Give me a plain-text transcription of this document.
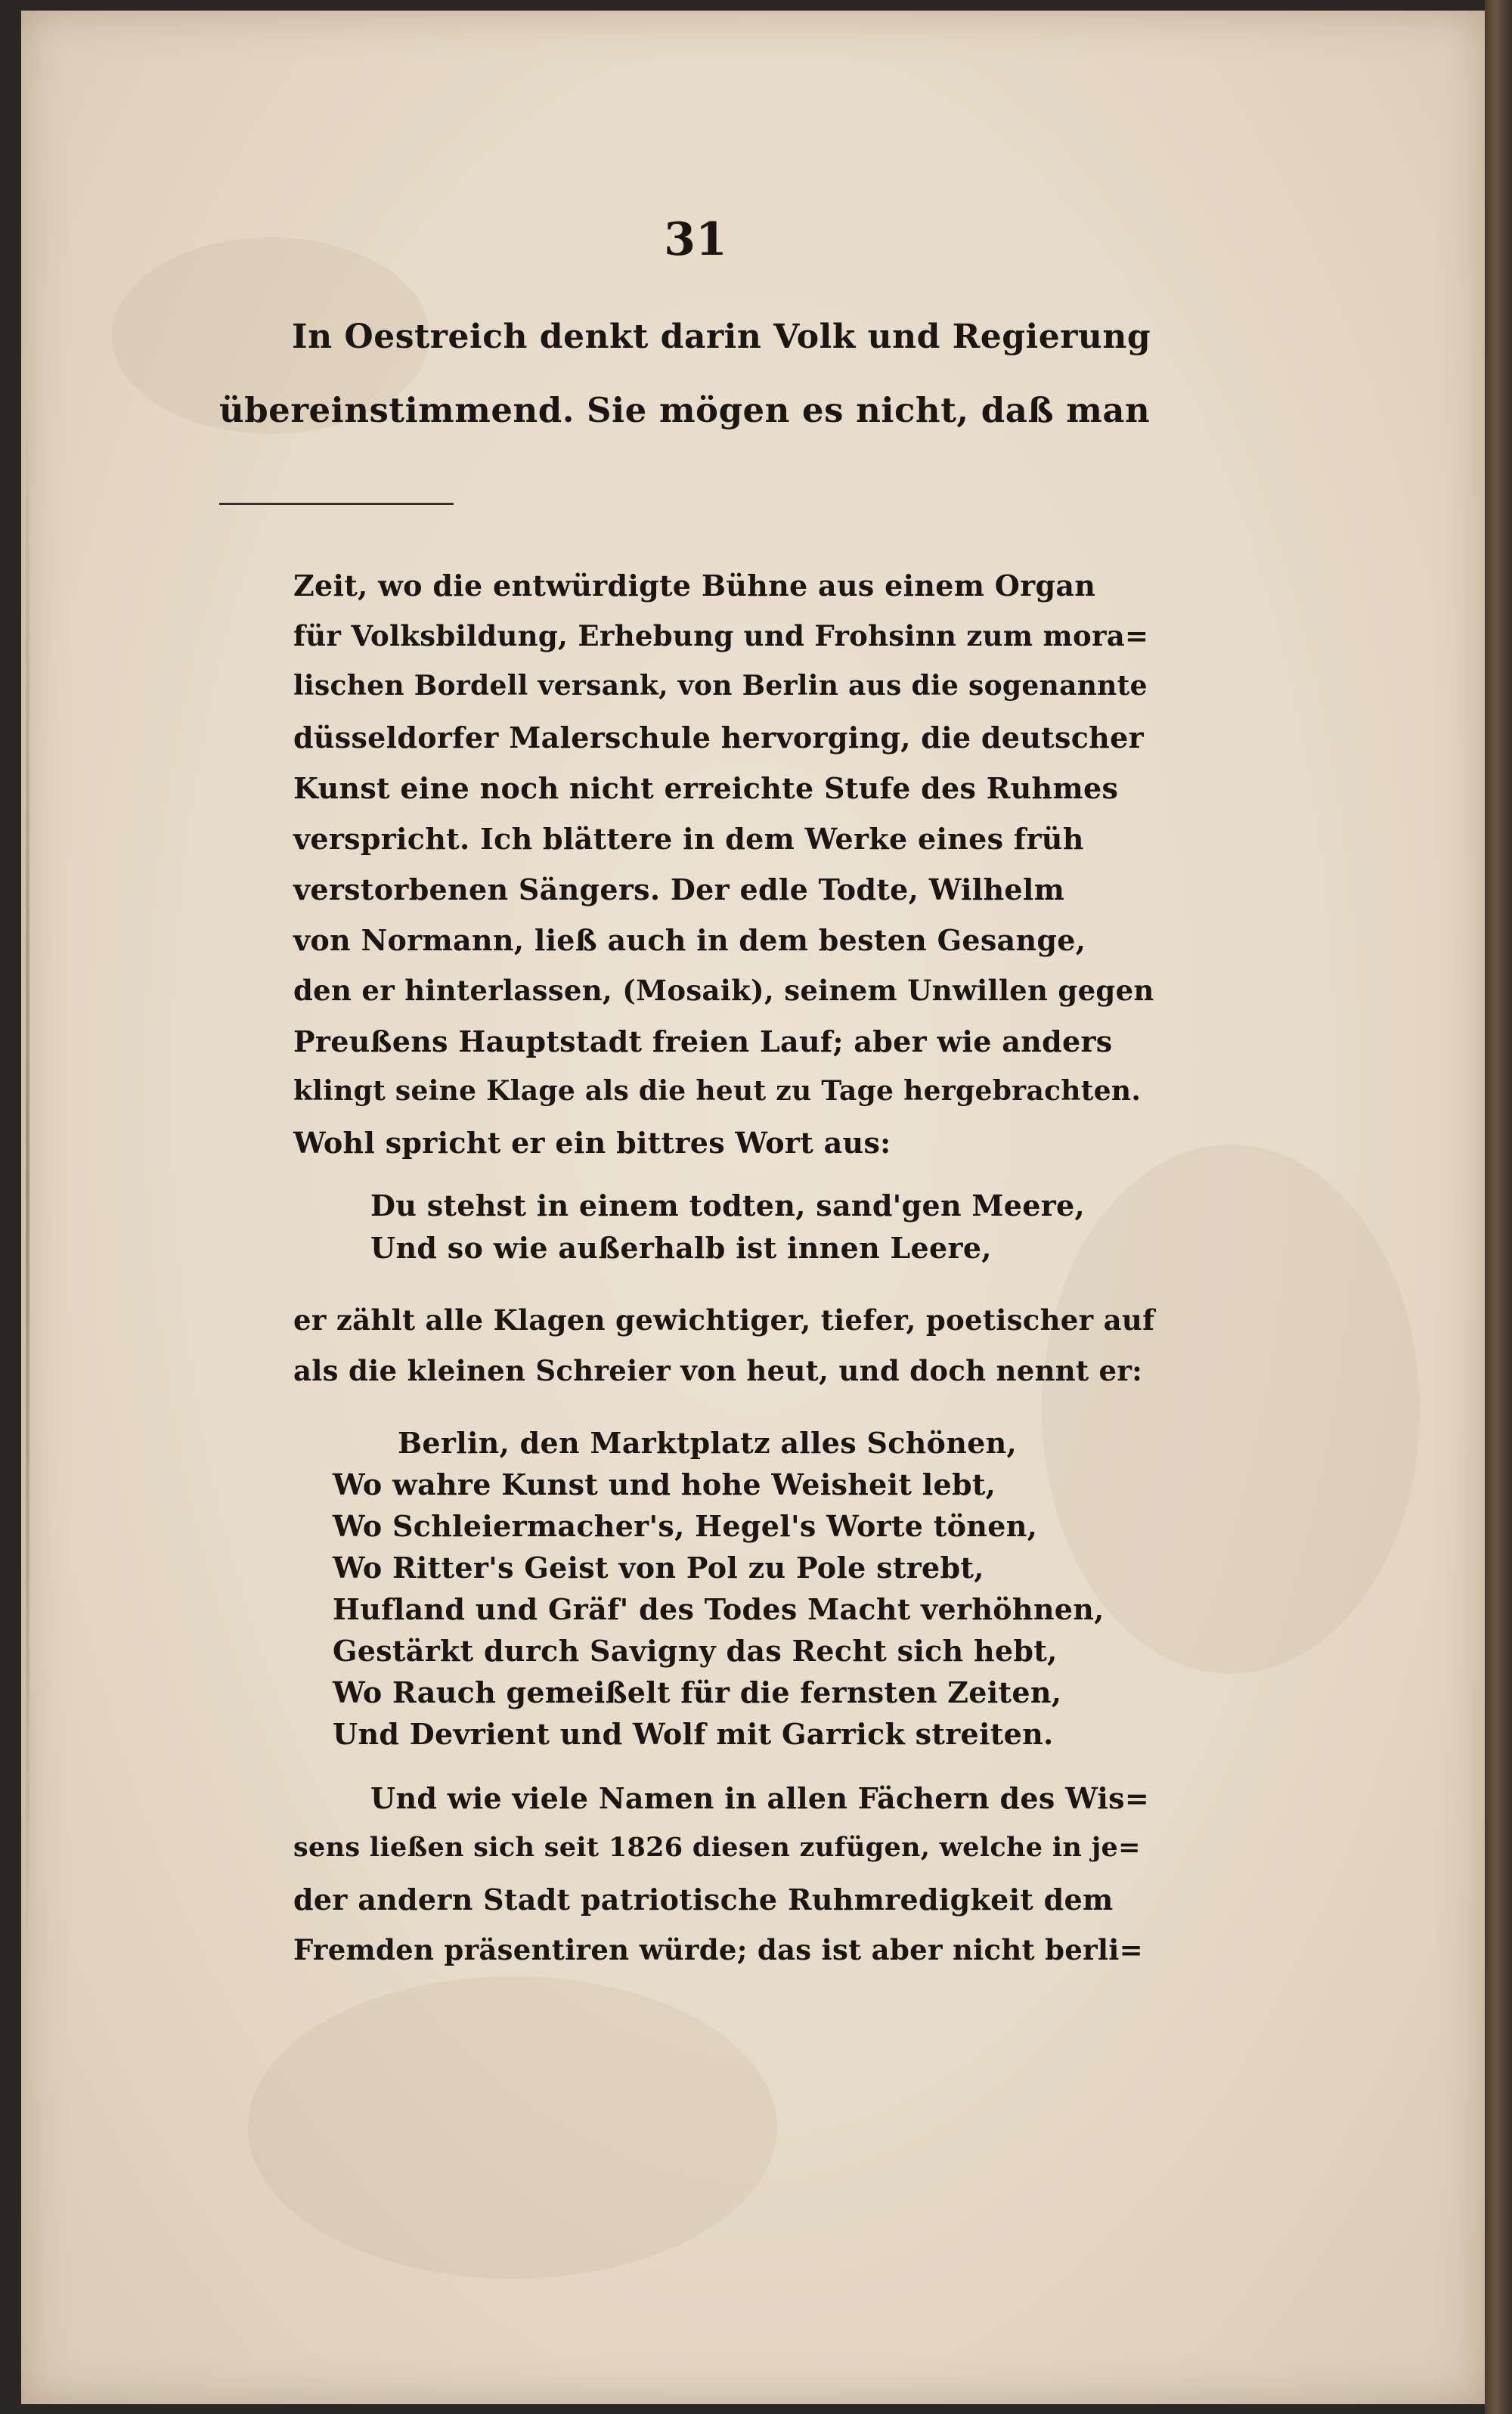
31
In Oestreich denkt darin Volk und Regierung
übereinstimmend. Sie mögen es nicht, daß man
Zeit, wo die entwürdigte Bühne aus einem Organ
für Volksbildung, Erhebung und Frohsinn zum mora=
lischen Bordell versank, von Berlin aus die sogenannte
düsseldorfer Malerschule hervorging, die deutscher
Kunst eine noch nicht erreichte Stufe des Ruhmes
verspricht. Ich blättere in dem Werke eines früh
verstorbenen Sängers. Der edle Todte, Wilhelm
von Normann, ließ auch in dem besten Gesange,
den er hinterlassen, (Mosaik), seinem Unwillen gegen
Preußens Hauptstadt freien Lauf; aber wie anders
klingt seine Klage als die heut zu Tage hergebrachten.
Wohl spricht er ein bittres Wort aus:
Du stehst in einem todten, sand'gen Meere,
Und so wie außerhalb ist innen Leere,
er zählt alle Klagen gewichtiger, tiefer, poetischer auf
als die kleinen Schreier von heut, und doch nennt er:
Berlin, den Marktplatz alles Schönen,
Wo wahre Kunst und hohe Weisheit lebt,
Wo Schleiermacher's, Hegel's Worte tönen,
Wo Ritter's Geist von Pol zu Pole strebt,
Hufland und Gräf' des Todes Macht verhöhnen,
Gestärkt durch Savigny das Recht sich hebt,
Wo Rauch gemeißelt für die fernsten Zeiten,
Und Devrient und Wolf mit Garrick streiten.
Und wie viele Namen in allen Fächern des Wis=
sens ließen sich seit 1826 diesen zufügen, welche in je=
der andern Stadt patriotische Ruhmredigkeit dem
Fremden präsentiren würde; das ist aber nicht berli=
